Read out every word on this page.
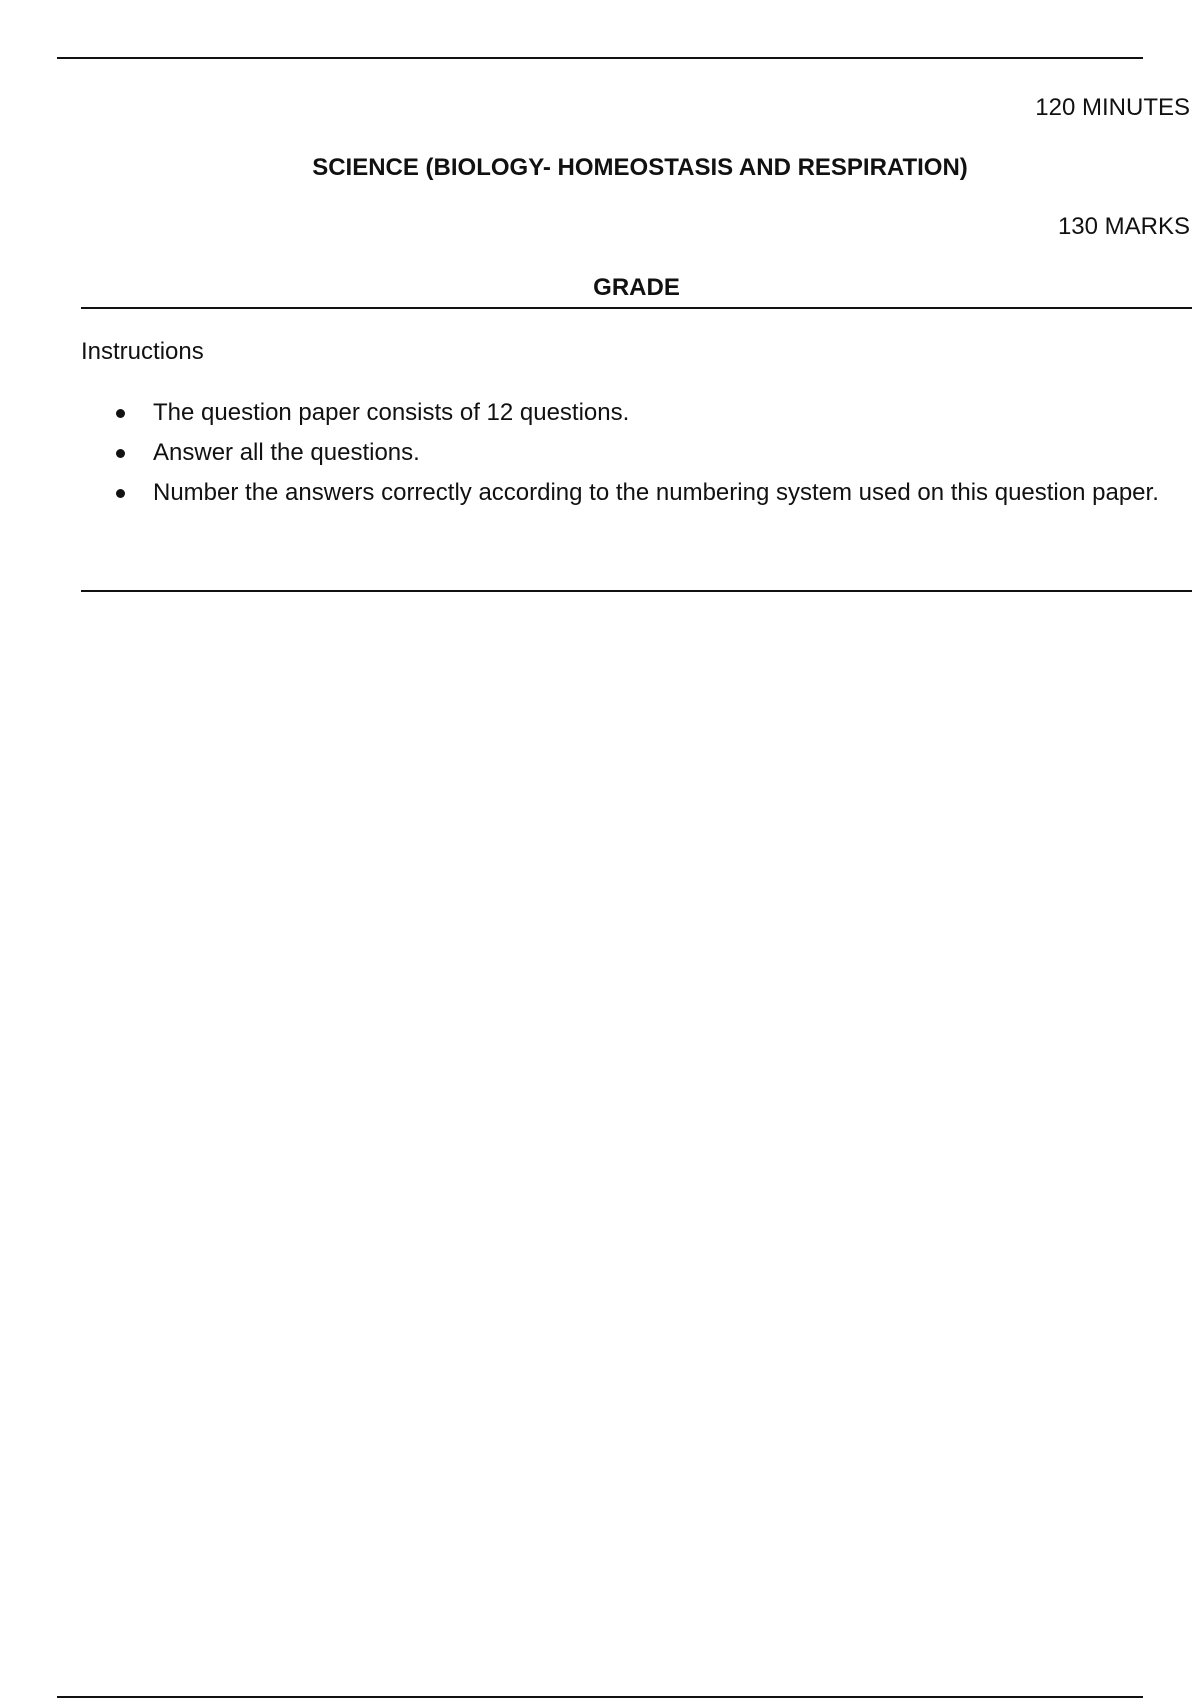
120 MINUTES
SCIENCE (BIOLOGY- HOMEOSTASIS AND RESPIRATION)
130 MARKS
GRADE
Instructions
The question paper consists of 12 questions.
Answer all the questions.
Number the answers correctly according to the numbering system used on this question paper.
